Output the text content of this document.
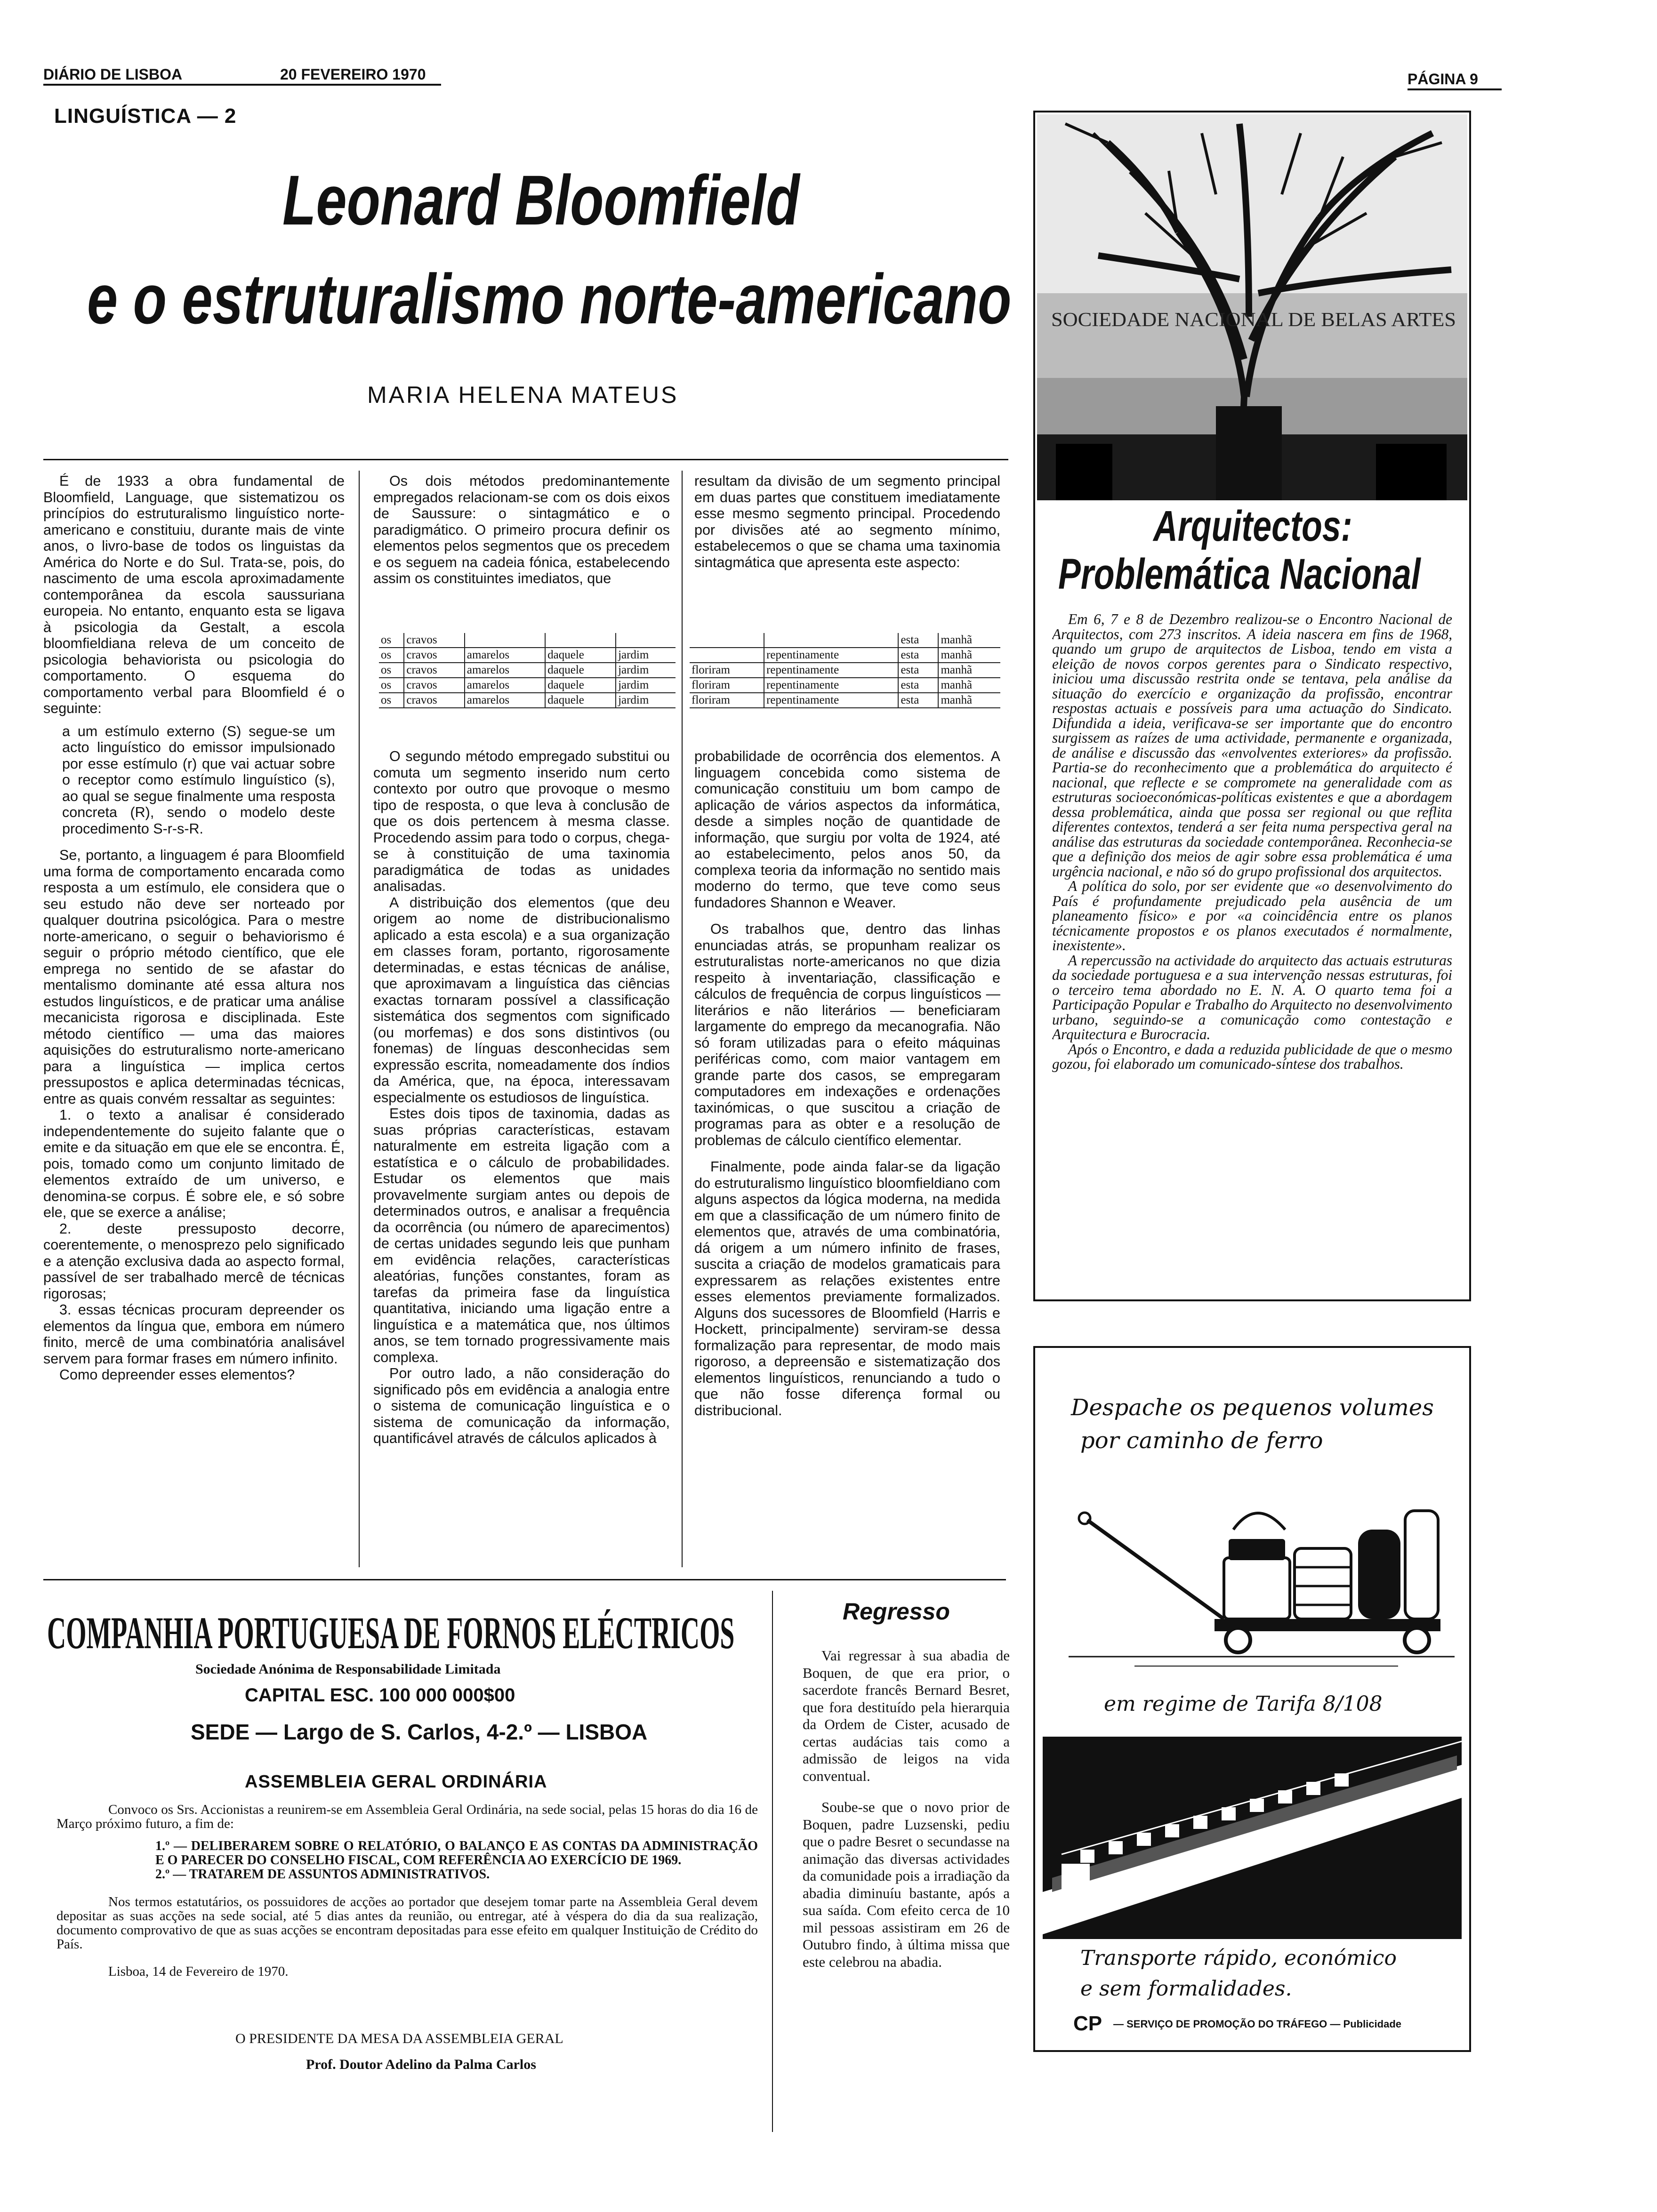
DIÁRIO DE LISBOA	20 FEVEREIRO 1970	PÁGINA 9
LINGUÍSTICA — 2
Leonard Bloomfield
e o estruturalismo norte-americano
MARIA HELENA MATEUS

É de 1933 a obra fundamental de Bloomfield, Language, que sistematizou os princípios do estruturalismo linguístico norte-americano e constituiu, durante mais de vinte anos, o livro-base de todos os linguistas da América do Norte e do Sul. Trata-se, pois, do nascimento de uma escola aproximadamente contemporânea da escola saussuriana europeia. No entanto, enquanto esta se ligava à psicologia da Gestalt, a escola bloomfieldiana releva de um conceito de psicologia behaviorista ou psicologia do comportamento. O esquema do comportamento verbal para Bloomfield é o seguinte:

a um estímulo externo (S) segue-se um acto linguístico do emissor impulsionado por esse estímulo (r) que vai actuar sobre o receptor como estímulo linguístico (s), ao qual se segue finalmente uma resposta concreta (R), sendo o modelo deste procedimento S-r-s-R.

Se, portanto, a linguagem é para Bloomfield uma forma de comportamento encarada como resposta a um estímulo, ele considera que o seu estudo não deve ser norteado por qualquer doutrina psicológica. Para o mestre norte-americano, o seguir o behaviorismo é seguir o próprio método científico, que ele emprega no sentido de se afastar do mentalismo dominante até essa altura nos estudos linguísticos, e de praticar uma análise mecanicista rigorosa e disciplinada. Este método científico — uma das maiores aquisições do estruturalismo norte-americano para a linguística — implica certos pressupostos e aplica determinadas técnicas, entre as quais convém ressaltar as seguintes:

1. o texto a analisar é considerado independentemente do sujeito falante que o emite e da situação em que ele se encontra. É, pois, tomado como um conjunto limitado de elementos extraído de um universo, e denomina-se corpus. É sobre ele, e só sobre ele, que se exerce a análise;

2. deste pressuposto decorre, coerentemente, o menosprezo pelo significado e a atenção exclusiva dada ao aspecto formal, passível de ser trabalhado mercê de técnicas rigorosas;

3. essas técnicas procuram depreender os elementos da língua que, embora em número finito, mercê de uma combinatória analisável servem para formar frases em número infinito.

Como depreender esses elementos?

Os dois métodos predominantemente empregados relacionam-se com os dois eixos de Saussure: o sintagmático e o paradigmático. O primeiro procura definir os elementos pelos segmentos que os precedem e os seguem na cadeia fónica, estabelecendo assim os constituintes imediatos, que

resultam da divisão de um segmento principal em duas partes que constituem imediatamente esse mesmo segmento principal. Procedendo por divisões até ao segmento mínimo, estabelecemos o que se chama uma taxinomia sintagmática que apresenta este aspecto:

os	cravos			
os	cravos	amarelos	daquele	jardim
os	cravos	amarelos	daquele	jardim
os	cravos	amarelos	daquele	jardim
os	cravos	amarelos	daquele	jardim
		esta	manhã
	repentinamente	esta	manhã
floriram	repentinamente	esta	manhã
floriram	repentinamente	esta	manhã
floriram	repentinamente	esta	manhã

O segundo método empregado substitui ou comuta um segmento inserido num certo contexto por outro que provoque o mesmo tipo de resposta, o que leva à conclusão de que os dois pertencem à mesma classe. Procedendo assim para todo o corpus, chega-se à constituição de uma taxinomia paradigmática de todas as unidades analisadas.

A distribuição dos elementos (que deu origem ao nome de distribucionalismo aplicado a esta escola) e a sua organização em classes foram, portanto, rigorosamente determinadas, e estas técnicas de análise, que aproximavam a linguística das ciências exactas tornaram possível a classificação sistemática dos segmentos com significado (ou morfemas) e dos sons distintivos (ou fonemas) de línguas desconhecidas sem expressão escrita, nomeadamente dos índios da América, que, na época, interessavam especialmente os estudiosos de linguística.

Estes dois tipos de taxinomia, dadas as suas próprias características, estavam naturalmente em estreita ligação com a estatística e o cálculo de probabilidades. Estudar os elementos que mais provavelmente surgiam antes ou depois de determinados outros, e analisar a frequência da ocorrência (ou número de aparecimentos) de certas unidades segundo leis que punham em evidência relações, características aleatórias, funções constantes, foram as tarefas da primeira fase da linguística quantitativa, iniciando uma ligação entre a linguística e a matemática que, nos últimos anos, se tem tornado progressivamente mais complexa.

Por outro lado, a não consideração do significado pôs em evidência a analogia entre o sistema de comunicação linguística e o sistema de comunicação da informação, quantificável através de cálculos aplicados à

probabilidade de ocorrência dos elementos. A linguagem concebida como sistema de comunicação constituiu um bom campo de aplicação de vários aspectos da informática, desde a simples noção de quantidade de informação, que surgiu por volta de 1924, até ao estabelecimento, pelos anos 50, da complexa teoria da informação no sentido mais moderno do termo, que teve como seus fundadores Shannon e Weaver.

Os trabalhos que, dentro das linhas enunciadas atrás, se propunham realizar os estruturalistas norte-americanos no que dizia respeito à inventariação, classificação e cálculos de frequência de corpus linguísticos — literários e não literários — beneficiaram largamente do emprego da mecanografia. Não só foram utilizadas para o efeito máquinas periféricas como, com maior vantagem em grande parte dos casos, se empregaram computadores em indexações e ordenações taxinómicas, o que suscitou a criação de programas para as obter e a resolução de problemas de cálculo científico elementar.

Finalmente, pode ainda falar-se da ligação do estruturalismo linguístico bloomfieldiano com alguns aspectos da lógica moderna, na medida em que a classificação de um número finito de elementos que, através de uma combinatória, dá origem a um número infinito de frases, suscita a criação de modelos gramaticais para expressarem as relações existentes entre esses elementos previamente formalizados. Alguns dos sucessores de Bloomfield (Harris e Hockett, principalmente) serviram-se dessa formalização para representar, de modo mais rigoroso, a depreensão e sistematização dos elementos linguísticos, renunciando a tudo o que não fosse diferença formal ou distribucional.

SOCIEDADE NACIONAL DE BELAS ARTES
Arquitectos:
Problemática Nacional

Em 6, 7 e 8 de Dezembro realizou-se o Encontro Nacional de Arquitectos, com 273 inscritos. A ideia nascera em fins de 1968, quando um grupo de arquitectos de Lisboa, tendo em vista a eleição de novos corpos gerentes para o Sindicato respectivo, iniciou uma discussão restrita onde se tentava, pela análise da situação do exercício e organização da profissão, encontrar respostas actuais e possíveis para uma actuação do Sindicato. Difundida a ideia, verificava-se ser importante que do encontro surgissem as raízes de uma actividade, permanente e organizada, de análise e discussão das «envolventes exteriores» da profissão. Partia-se do reconhecimento que a problemática do arquitecto é nacional, que reflecte e se compromete na generalidade com as estruturas socioeconómicas-políticas existentes e que a abordagem dessa problemática, ainda que possa ser regional ou que reflita diferentes contextos, tenderá a ser feita numa perspectiva geral na análise das estruturas da sociedade contemporânea. Reconhecia-se que a definição dos meios de agir sobre essa problemática é uma urgência nacional, e não só do grupo profissional dos arquitectos.

A política do solo, por ser evidente que «o desenvolvimento do País é profundamente prejudicado pela ausência de um planeamento físico» e por «a coincidência entre os planos técnicamente propostos e os planos executados é normalmente, inexistente».

A repercussão na actividade do arquitecto das actuais estruturas da sociedade portuguesa e a sua intervenção nessas estruturas, foi o terceiro tema abordado no E. N. A. O quarto tema foi a Participação Popular e Trabalho do Arquitecto no desenvolvimento urbano, seguindo-se a comunicação como contestação e Arquitectura e Burocracia.

Após o Encontro, e dada a reduzida publicidade de que o mesmo gozou, foi elaborado um comunicado-síntese dos trabalhos.

Despache os pequenos volumes
por caminho de ferro
em regime de Tarifa 8/108
Transporte rápido, económico
e sem formalidades.
CP — SERVIÇO DE PROMOÇÃO DO TRÁFEGO — Publicidade
COMPANHIA PORTUGUESA DE FORNOS ELÉCTRICOS
Sociedade Anónima de Responsabilidade Limitada
CAPITAL ESC. 100 000 000$00
SEDE — Largo de S. Carlos, 4-2.º — LISBOA
ASSEMBLEIA GERAL ORDINÁRIA

Convoco os Srs. Accionistas a reunirem-se em Assembleia Geral Ordinária, na sede social, pelas 15 horas do dia 16 de Março próximo futuro, a fim de:

1.º — DELIBERAREM SOBRE O RELATÓRIO, O BALANÇO E AS CONTAS DA ADMINISTRAÇÃO E O PARECER DO CONSELHO FISCAL, COM REFERÊNCIA AO EXERCÍCIO DE 1969.

2.º — TRATAREM DE ASSUNTOS ADMINISTRATIVOS.

Nos termos estatutários, os possuidores de acções ao portador que desejem tomar parte na Assembleia Geral devem depositar as suas acções na sede social, até 5 dias antes da reunião, ou entregar, até à véspera do dia da sua realização, documento comprovativo de que as suas acções se encontram depositadas para esse efeito em qualquer Instituição de Crédito do País.

Lisboa, 14 de Fevereiro de 1970.

O PRESIDENTE DA MESA DA ASSEMBLEIA GERAL
Prof. Doutor Adelino da Palma Carlos
Regresso

Vai regressar à sua abadia de Boquen, de que era prior, o sacerdote francês Bernard Besret, que fora destituído pela hierarquia da Ordem de Cister, acusado de certas audácias tais como a admissão de leigos na vida conventual.

Soube-se que o novo prior de Boquen, padre Luzsenski, pediu que o padre Besret o secundasse na animação das diversas actividades da comunidade pois a irradiação da abadia diminuíu bastante, após a sua saída. Com efeito cerca de 10 mil pessoas assistiram em 26 de Outubro findo, à última missa que este celebrou na abadia.
